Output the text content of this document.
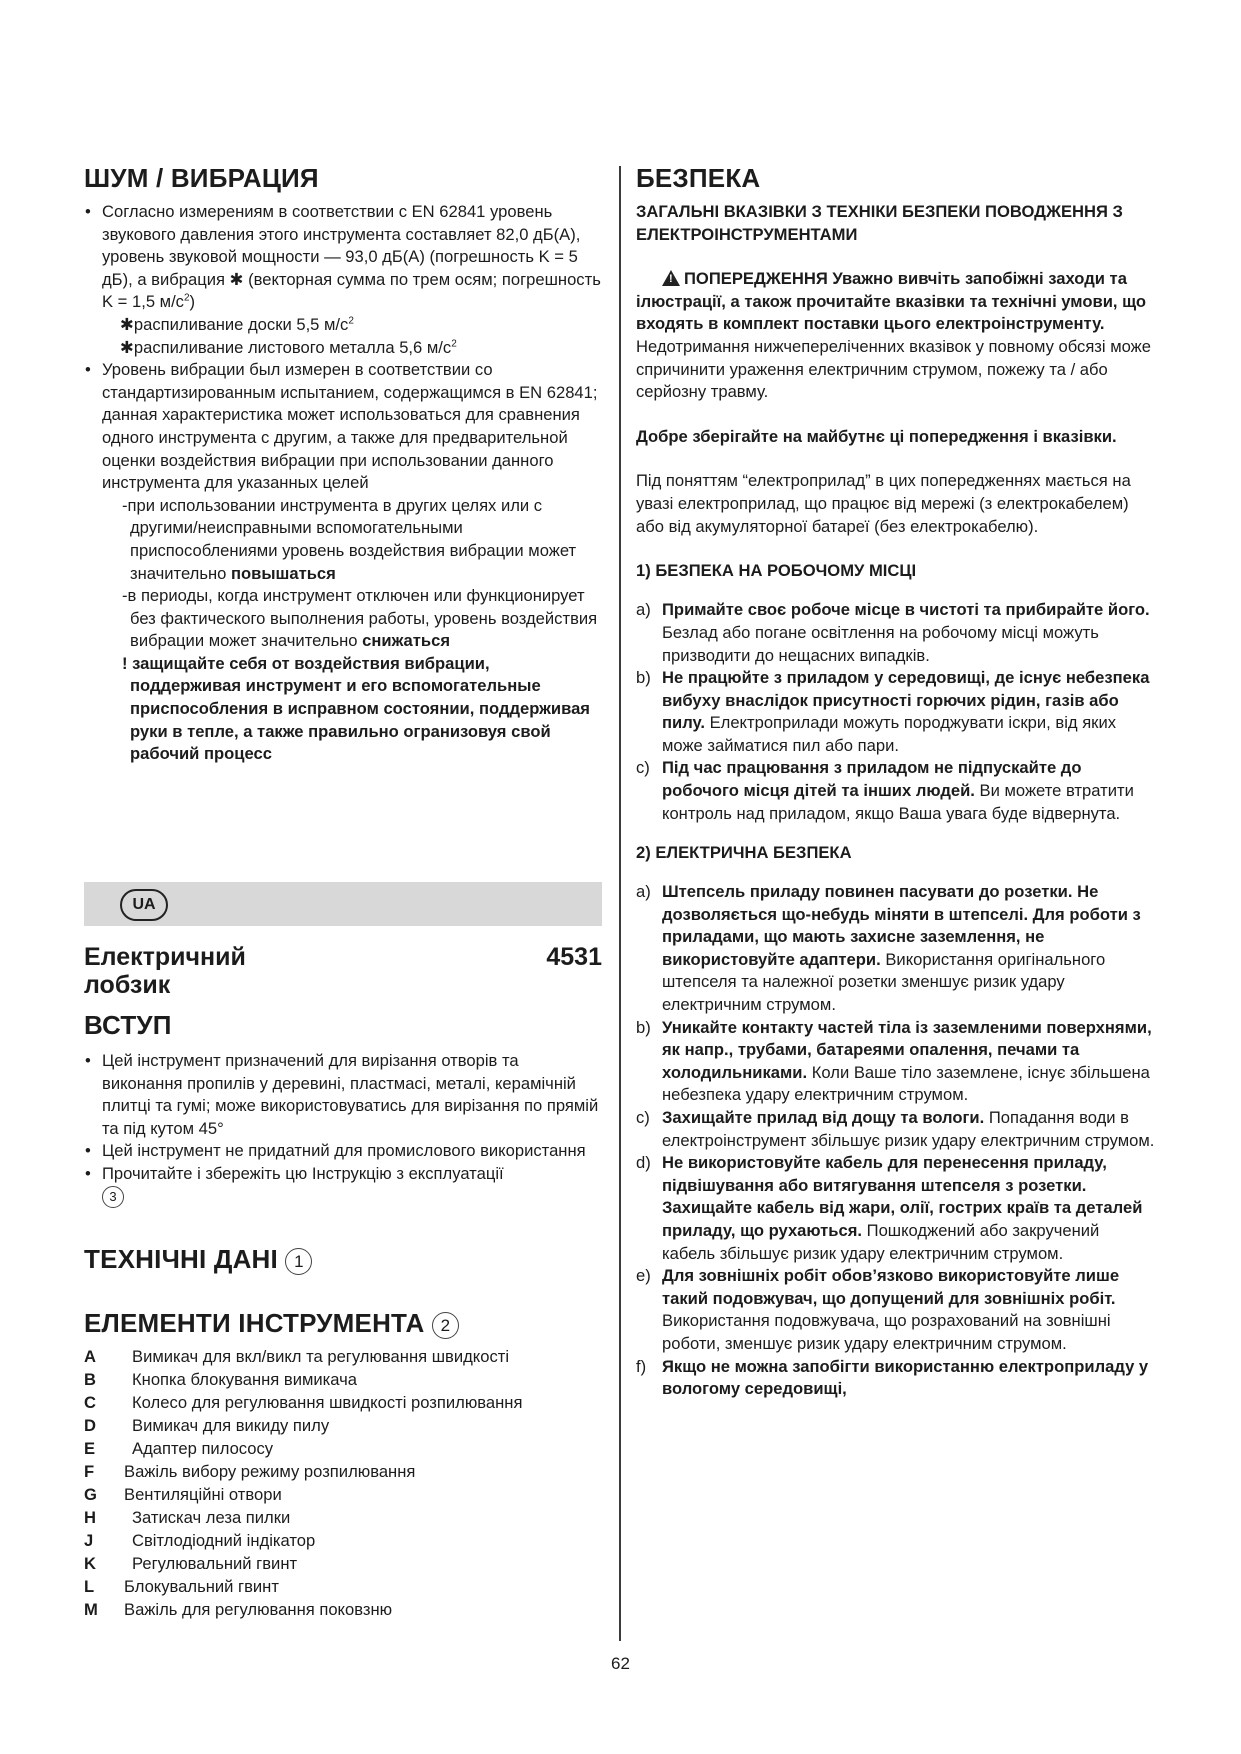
ШУМ / ВИБРАЦИЯ

• Согласно измерениям в соответствии с EN 62841 уровень звукового давления этого инструмента составляет 82,0 дБ(A), уровень звуковой мощности — 93,0 дБ(A) (погрешность K = 5 дБ), а вибрация ✱ (векторная сумма по трем осям; погрешность K = 1,5 $м/с^2$)

✱распиливание доски 5,5 $м/с^2$

✱распиливание листового металла 5,6 $м/с^2$

• Уровень вибрации был измерен в соответствии со стандартизированным испытанием, содержащимся в EN 62841; данная характеристика может использоваться для сравнения одного инструмента с другим, а также для предварительной оценки воздействия вибрации при использовании данного инструмента для указанных целей

-при использовании инструмента в других целях или с другими/неисправными вспомогательными приспособлениями уровень воздействия вибрации может значительно повышаться

-в периоды, когда инструмент отключен или функционирует без фактического выполнения работы, уровень воздействия вибрации может значительно снижаться

! защищайте себя от воздействия вибрации, поддерживая инструмент и его вспомогательные приспособления в исправном состоянии, поддерживая руки в тепле, а также правильно огранизовуя свой рабочий процесс

UA
Електричний
лобзик
4531
ВСТУП

• Цей інструмент призначений для вирізання отворів та виконання пропилів у деревині, пластмасі, металі, керамічній плитці та гумі; може використовуватись для вирізання по прямій та під кутом 45°

• Цей інструмент не придатний для промислового використання

• Прочитайте і збережіть цю Інструкцію з експлуатації
3

ТЕХНІЧНІ ДАНІ 1
ЕЛЕМЕНТИ ІНСТРУМЕНТА 2
A	Вимикач для вкл/викл та регулювання швидкості
B	Кнопка блокування вимикача
C	Колесо для регулювання швидкості розпилювання
D	Вимикач для викиду пилу
E	Адаптер пилососу
F	Важіль вибору режиму розпилювання
G	Вентиляційні отвори
H	Затискач леза пилки
J	Світлодіодний індікатор
K	Регулювальний гвинт
L	Блокувальний гвинт
M	Важіль для регулювання поковзню
БЕЗПЕКА

ЗАГАЛЬНІ ВКАЗІВКИ З ТЕХНІКИ БЕЗПЕКИ ПОВОДЖЕННЯ З ЕЛЕКТРОІНСТРУМЕНТАМИ

! ПОПЕРЕДЖЕННЯ Уважно вивчіть запобіжні заходи та ілюстрації, а також прочитайте вказівки та технічні умови, що входять в комплект поставки цього електроінструменту. Недотримання нижчепереліченних вказівок у повному обсязі може спричинити ураження електричним струмом, пожежу та / або серйозну травму.

Добре зберігайте на майбутнє ці попередження і вказівки.

Під поняттям “електроприлад” в цих попередженнях мається на увазі електроприлад, що працює від мережі (з електрокабелем) або від акумуляторної батареї (без електрокабелю).

1) БЕЗПЕКА НА РОБОЧОМУ МІСЦІ

a) Примайте своє робоче місце в чистоті та прибирайте його. Безлад або погане освітлення на робочому місці можуть призводити до нещасних випадків.
b) Не працюйте з приладом у середовищі, де існує небезпека вибуху внаслідок присутності горючих рідин, газів або пилу. Електроприлади можуть породжувати іскри, від яких може займатися пил або пари.
c) Під час працювання з приладом не підпускайте до робочого місця дітей та інших людей. Ви можете втратити контроль над приладом, якщо Ваша увага буде відвернута.

2) ЕЛЕКТРИЧНА БЕЗПЕКА

a) Штепсель приладу повинен пасувати до розетки. Не дозволяється що-небудь міняти в штепселі. Для роботи з приладами, що мають захисне заземлення, не використовуйте адаптери. Використання оригінального штепселя та належної розетки зменшує ризик удару електричним струмом.
b) Уникайте контакту частей тіла із заземленими поверхнями, як напр., трубами, батареями опалення, печами та холодильниками. Коли Ваше тіло заземлене, існує збільшена небезпека удару електричним струмом.
c) Захищайте прилад від дощу та вологи. Попадання води в електроінструмент збільшує ризик удару електричним струмом.
d) Не використовуйте кабель для перенесення приладу, підвішування або витягування штепселя з розетки. Захищайте кабель від жари, олії, гострих країв та деталей приладу, що рухаються. Пошкоджений або закручений кабель збільшує ризик удару електричним струмом.
e) Для зовнішніх робіт обов’язково використовуйте лише такий подовжувач, що допущений для зовнішніх робіт. Використання подовжувача, що розрахований на зовнішні роботи, зменшує ризик удару електричним струмом.
f) Якщо не можна запобігти використанню електроприладу у вологому середовищі,
62
